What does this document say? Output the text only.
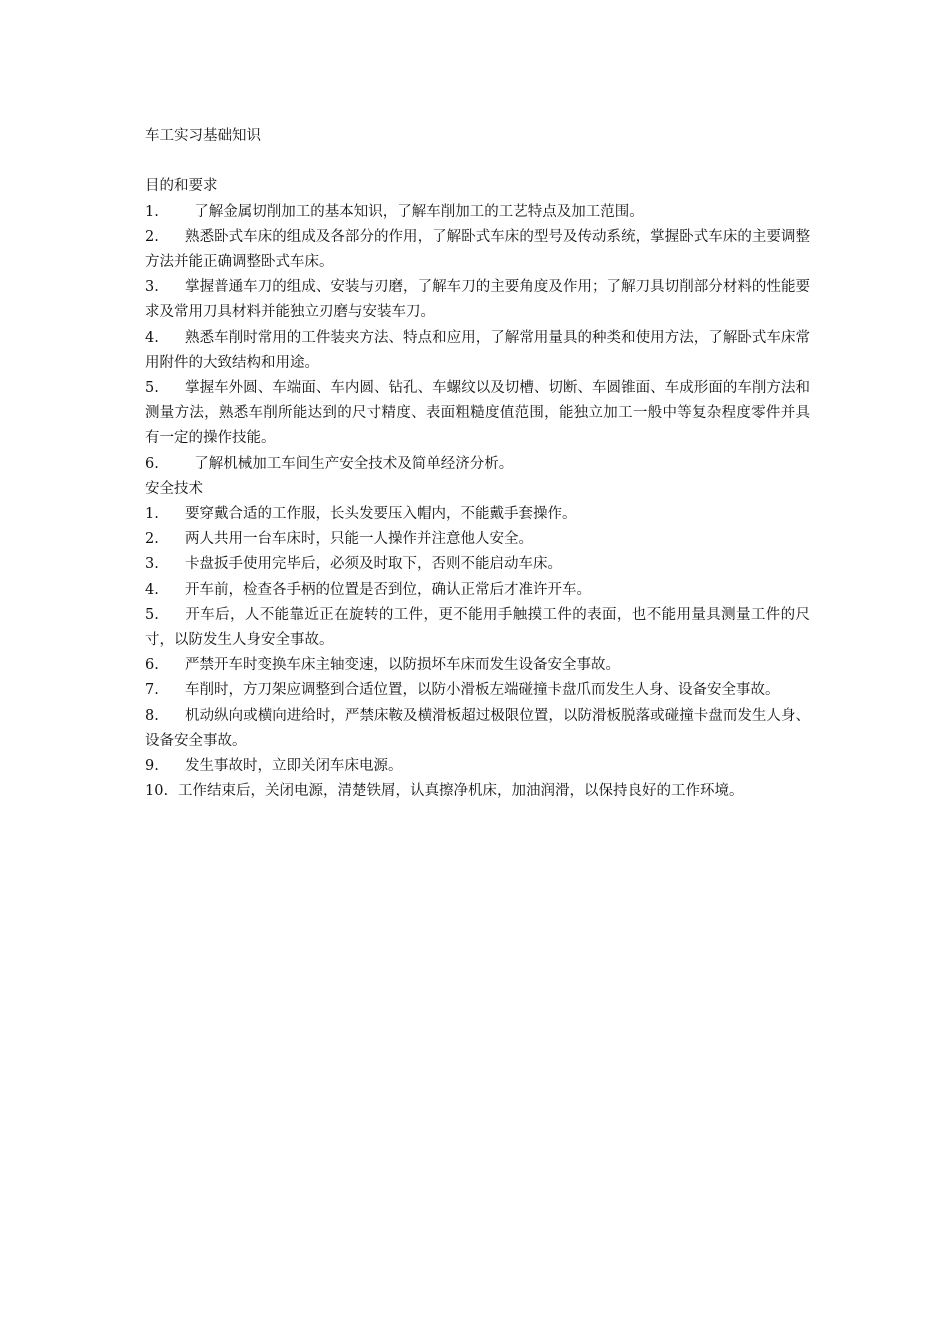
车工实习基础知识

目的和要求

1.  了解金属切削加工的基本知识，了解车削加工的工艺特点及加工范围。

2. 熟悉卧式车床的组成及各部分的作用，了解卧式车床的型号及传动系统，掌握卧式车床的主要调整方法并能正确调整卧式车床。

3. 掌握普通车刀的组成、安装与刃磨，了解车刀的主要角度及作用；了解刀具切削部分材料的性能要求及常用刀具材料并能独立刃磨与安装车刀。

4. 熟悉车削时常用的工件装夹方法、特点和应用，了解常用量具的种类和使用方法，了解卧式车床常用附件的大致结构和用途。

5. 掌握车外圆、车端面、车内圆、钻孔、车螺纹以及切槽、切断、车圆锥面、车成形面的车削方法和测量方法，熟悉车削所能达到的尺寸精度、表面粗糙度值范围，能独立加工一般中等复杂程度零件并具有一定的操作技能。

6.  了解机械加工车间生产安全技术及简单经济分析。

安全技术

1. 要穿戴合适的工作服，长头发要压入帽内，不能戴手套操作。

2. 两人共用一台车床时，只能一人操作并注意他人安全。

3. 卡盘扳手使用完毕后，必须及时取下，否则不能启动车床。

4. 开车前，检查各手柄的位置是否到位，确认正常后才准许开车。

5. 开车后，人不能靠近正在旋转的工件，更不能用手触摸工件的表面，也不能用量具测量工件的尺寸，以防发生人身安全事故。

6. 严禁开车时变换车床主轴变速，以防损坏车床而发生设备安全事故。

7. 车削时，方刀架应调整到合适位置，以防小滑板左端碰撞卡盘爪而发生人身、设备安全事故。

8. 机动纵向或横向进给时，严禁床鞍及横滑板超过极限位置，以防滑板脱落或碰撞卡盘而发生人身、设备安全事故。

9. 发生事故时，立即关闭车床电源。

10. 工作结束后，关闭电源，清楚铁屑，认真擦净机床，加油润滑，以保持良好的工作环境。
